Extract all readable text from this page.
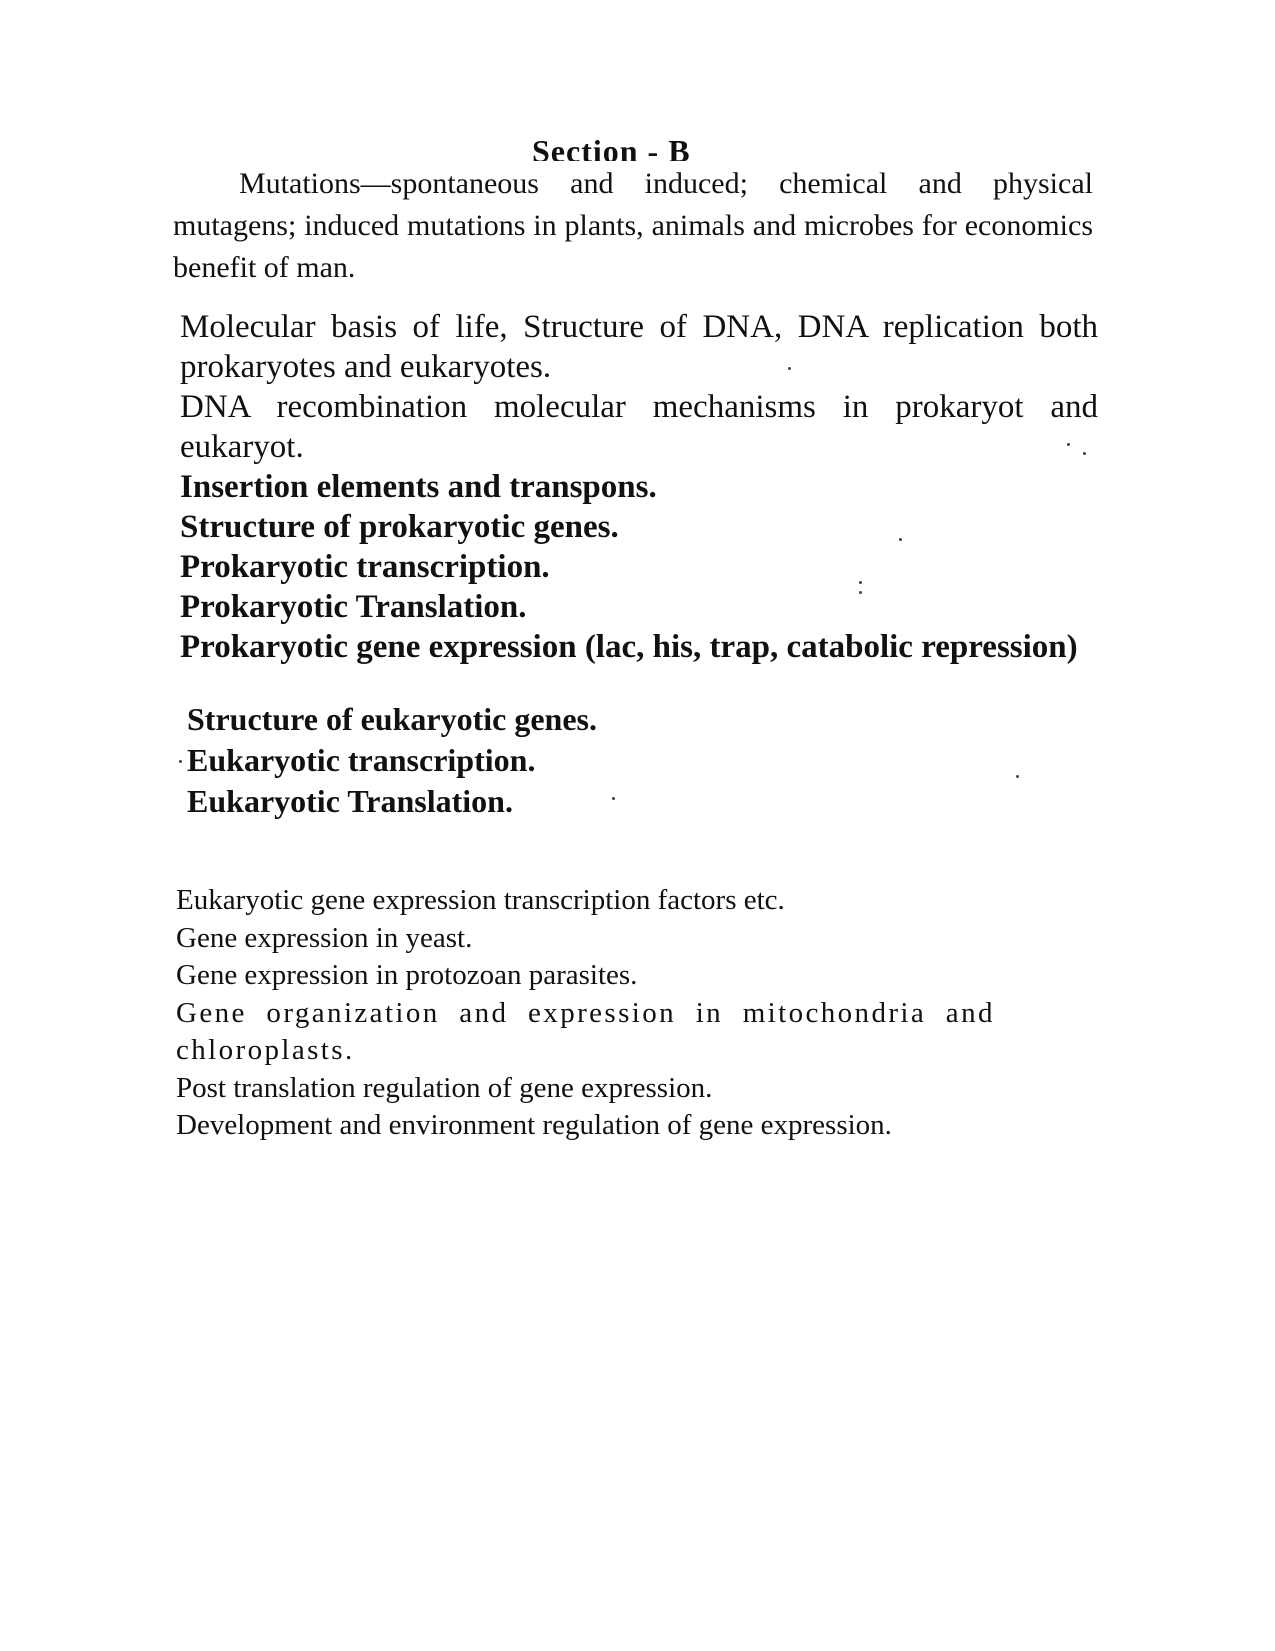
Section - B

Mutations—spontaneous and induced; chemical and physical mutagens; induced mutations in plants, animals and microbes for economics benefit of man.

Molecular basis of life, Structure of DNA, DNA replication both prokaryotes and eukaryotes.
DNA recombination molecular mechanisms in prokaryot and eukaryot.
Insertion elements and transpons.
Structure of prokaryotic genes.
Prokaryotic transcription.
Prokaryotic Translation.
Prokaryotic gene expression (lac, his, trap, catabolic repression)
Structure of eukaryotic genes.
Eukaryotic transcription.
Eukaryotic Translation.
Eukaryotic gene expression transcription factors etc.
Gene expression in yeast.
Gene expression in protozoan parasites.
Gene organization and expression in mitochondria and chloroplasts.
Post translation regulation of gene expression.
Development and environment regulation of gene expression.
